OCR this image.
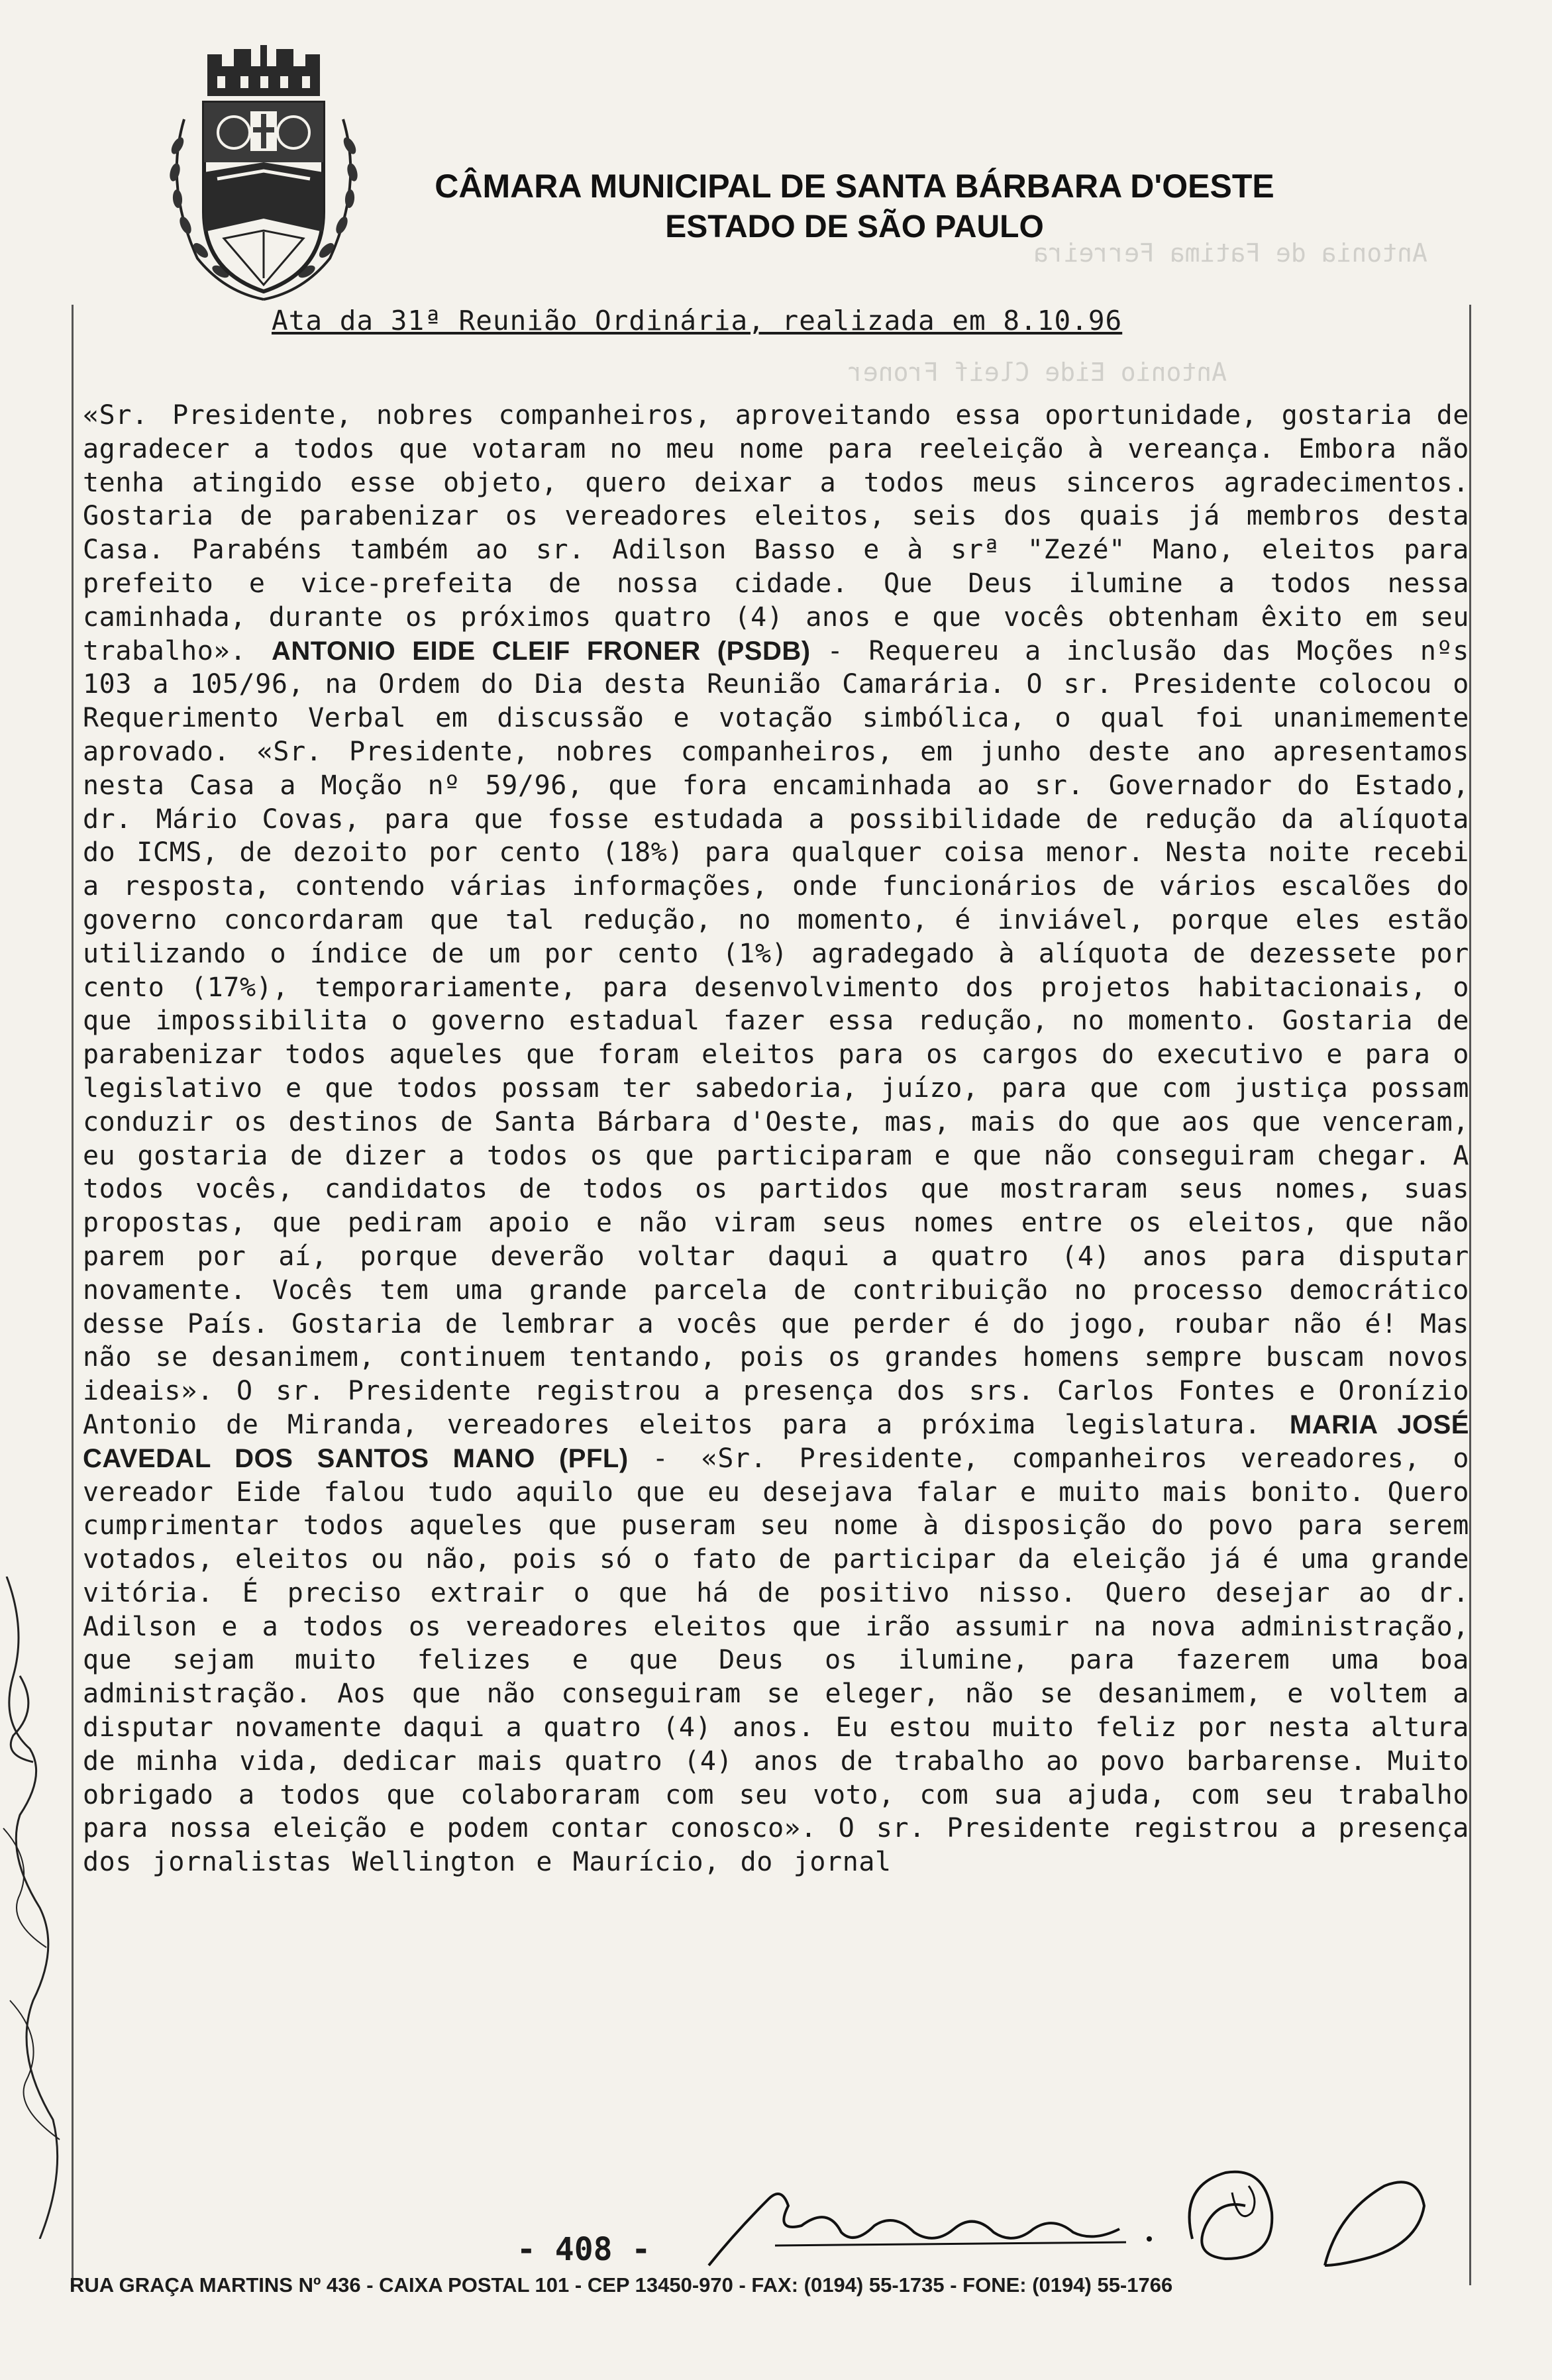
CÂMARA MUNICIPAL DE SANTA BÁRBARA D'OESTE
ESTADO DE SÃO PAULO
Antonia de Fatima Ferreira
Antonio Eide Cleif Froner
Ata da 31ª Reunião Ordinária, realizada em 8.10.96
«Sr. Presidente, nobres companheiros, aproveitando essa oportunidade, gostaria de agradecer a todos que votaram no meu nome para reeleição à vereança. Embora não tenha atingido esse objeto, quero deixar a todos meus sinceros agradecimentos. Gostaria de parabenizar os vereadores eleitos, seis dos quais já membros desta Casa. Parabéns também ao sr. Adilson Basso e à srª "Zezé" Mano, eleitos para prefeito e vice-prefeita de nossa cidade. Que Deus ilumine a todos nessa caminhada, durante os próximos quatro (4) anos e que vocês obtenham êxito em seu trabalho». ANTONIO EIDE CLEIF FRONER (PSDB) - Requereu a inclusão das Moções nºs 103 a 105/96, na Ordem do Dia desta Reunião Camarária. O sr. Presidente colocou o Requerimento Verbal em discussão e votação simbólica, o qual foi unanimemente aprovado. «Sr. Presidente, nobres companheiros, em junho deste ano apresentamos nesta Casa a Moção nº 59/96, que fora encaminhada ao sr. Governador do Estado, dr. Mário Covas, para que fosse estudada a possibilidade de redução da alíquota do ICMS, de dezoito por cento (18%) para qualquer coisa menor. Nesta noite recebi a resposta, contendo várias informações, onde funcionários de vários escalões do governo concordaram que tal redução, no momento, é inviável, porque eles estão utilizando o índice de um por cento (1%) agradegado à alíquota de dezessete por cento (17%), temporariamente, para desenvolvimento dos projetos habitacionais, o que impossibilita o governo estadual fazer essa redução, no momento. Gostaria de parabenizar todos aqueles que foram eleitos para os cargos do executivo e para o legislativo e que todos possam ter sabedoria, juízo, para que com justiça possam conduzir os destinos de Santa Bárbara d'Oeste, mas, mais do que aos que venceram, eu gostaria de dizer a todos os que participaram e que não conseguiram chegar. A todos vocês, candidatos de todos os partidos que mostraram seus nomes, suas propostas, que pediram apoio e não viram seus nomes entre os eleitos, que não parem por aí, porque deverão voltar daqui a quatro (4) anos para disputar novamente. Vocês tem uma grande parcela de contribuição no processo democrático desse País. Gostaria de lembrar a vocês que perder é do jogo, roubar não é! Mas não se desanimem, continuem tentando, pois os grandes homens sempre buscam novos ideais». O sr. Presidente registrou a presença dos srs. Carlos Fontes e Oronízio Antonio de Miranda, vereadores eleitos para a próxima legislatura. MARIA JOSÉ CAVEDAL DOS SANTOS MANO (PFL) - «Sr. Presidente, companheiros vereadores, o vereador Eide falou tudo aquilo que eu desejava falar e muito mais bonito. Quero cumprimentar todos aqueles que puseram seu nome à disposição do povo para serem votados, eleitos ou não, pois só o fato de participar da eleição já é uma grande vitória. É preciso extrair o que há de positivo nisso. Quero desejar ao dr. Adilson e a todos os vereadores eleitos que irão assumir na nova administração, que sejam muito felizes e que Deus os ilumine, para fazerem uma boa administração. Aos que não conseguiram se eleger, não se desanimem, e voltem a disputar novamente daqui a quatro (4) anos. Eu estou muito feliz por nesta altura de minha vida, dedicar mais quatro (4) anos de trabalho ao povo barbarense. Muito obrigado a todos que colaboraram com seu voto, com sua ajuda, com seu trabalho para nossa eleição e podem contar conosco». O sr. Presidente registrou a presença dos jornalistas Wellington e Maurício, do jornal
- 408 -
RUA GRAÇA MARTINS Nº 436 - CAIXA POSTAL 101 - CEP 13450-970 - FAX: (0194) 55-1735 - FONE: (0194) 55-1766
